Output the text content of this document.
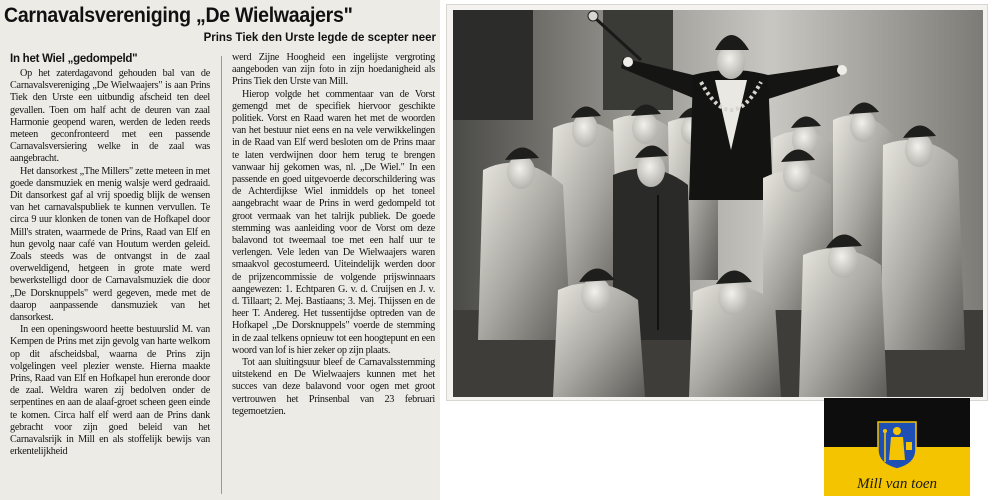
Carnavalsvereniging „De Wielwaajers"
Prins Tiek den Urste legde de scepter neer
In het Wiel „gedompeld"

Op het zaterdagavond gehouden bal van de Carnavalsvereniging „De Wielwaajers" is aan Prins Tiek den Urste een uitbundig afscheid ten deel gevallen. Toen om half acht de deuren van zaal Harmonie geopend waren, werden de leden reeds meteen geconfronteerd met een passende Carnavalsversiering welke in de zaal was aangebracht.

Het dansorkest „The Millers" zette meteen in met goede dansmuziek en menig walsje werd gedraaid. Dit dansorkest gaf al vrij spoedig blijk de wensen van het carnavalspubliek te kunnen vervullen. Te circa 9 uur klonken de tonen van de Hofkapel door Mill's straten, waarmede de Prins, Raad van Elf en hun gevolg naar café van Houtum werden geleid. Zoals steeds was de ontvangst in de zaal overweldigend, hetgeen in grote mate werd bewerkstelligd door de Carnavalsmuziek die door „De Dorsknuppels" werd gegeven, mede met de daarop aanpassende dansmuziek van het dansorkest.

In een openingswoord heette bestuurslid M. van Kempen de Prins met zijn gevolg van harte welkom op dit afscheidsbal, waarna de Prins zijn volgelingen veel plezier wenste. Hierna maakte Prins, Raad van Elf en Hofkapel hun ereronde door de zaal. Weldra waren zij bedolven onder de serpentines en aan de alaaf-groet scheen geen einde te komen. Circa half elf werd aan de Prins dank gebracht voor zijn goed beleid van het Carnavalsrijk in Mill en als stoffelijk bewijs van erkentelijkheid

werd Zijne Hoogheid een ingelijste vergroting aangeboden van zijn foto in zijn hoedanigheid als Prins Tiek den Urste van Mill.

Hierop volgde het commentaar van de Vorst gemengd met de specifiek hiervoor geschikte politiek. Vorst en Raad waren het met de woorden van het bestuur niet eens en na vele verwikkelingen in de Raad van Elf werd besloten om de Prins maar te laten verdwijnen door hem terug te brengen vanwaar hij gekomen was, nl. „De Wiel." In een passende en goed uitgevoerde decorschildering was de Achterdijkse Wiel inmiddels op het toneel aangebracht waar de Prins in werd gedompeld tot groot vermaak van het talrijk publiek. De goede stemming was aanleiding voor de Vorst om deze balavond tot tweemaal toe met een half uur te verlengen. Vele leden van De Wielwaajers waren smaakvol gecostumeerd. Uiteindelijk werden door de prijzencommissie de volgende prijswinnaars aangewezen: 1. Echtparen G. v. d. Cruijsen en J. v. d. Tillaart; 2. Mej. Bastiaans; 3. Mej. Thijssen en de heer T. Andereg. Het tussentijdse optreden van de Hofkapel „De Dorsknuppels" voerde de stemming in de zaal telkens opnieuw tot een hoogtepunt en een woord van lof is hier zeker op zijn plaats.

Tot aan sluitingsuur bleef de Carnavalsstemming uitstekend en De Wielwaajers kunnen met het succes van deze balavond voor ogen met groot vertrouwen het Prinsenbal van 23 februari tegemoetzien.

Mill van toen
